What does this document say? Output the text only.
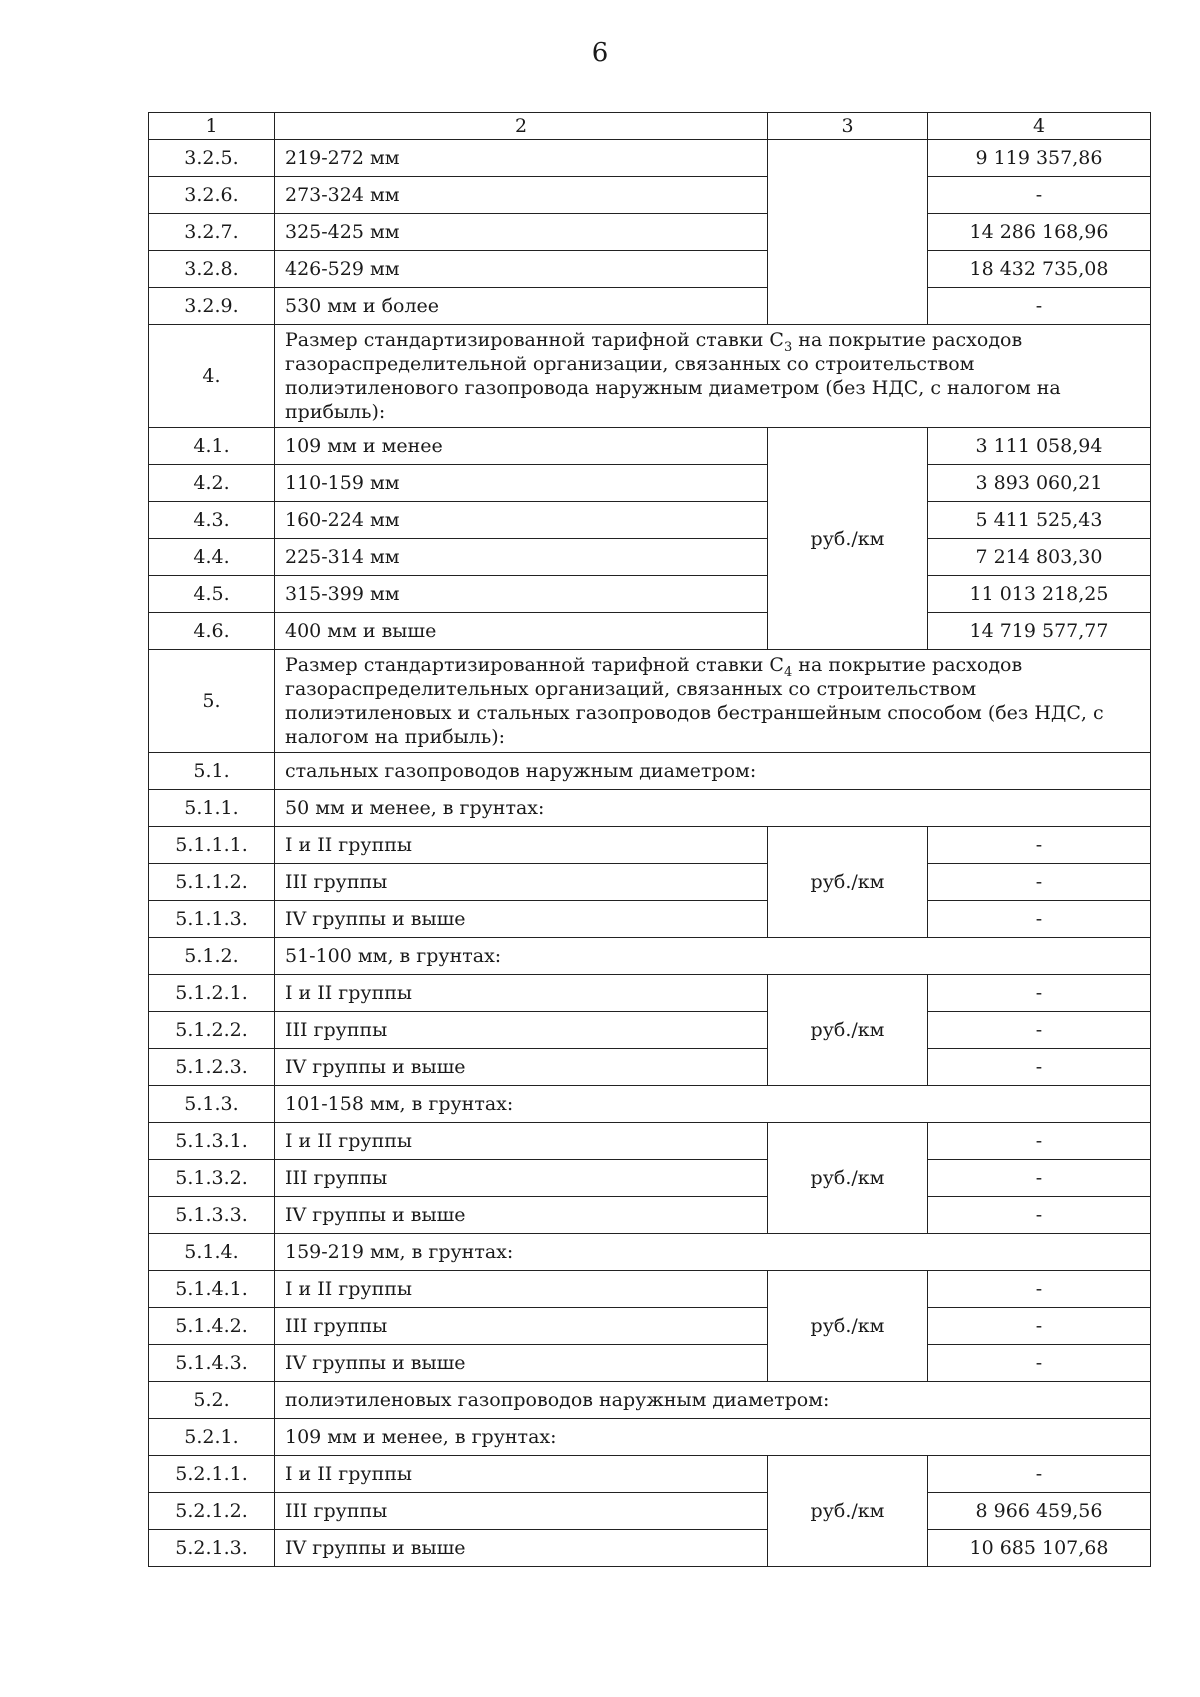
6
1	2	3	4
3.2.5.	219-272 мм		9 119 357,86
3.2.6.	273-324 мм		-
3.2.7.	325-425 мм		14 286 168,96
3.2.8.	426-529 мм		18 432 735,08
3.2.9.	530 мм и более		-
4.	Размер стандартизированной тарифной ставки $С_3$ на покрытие расходов газораспределительной организации, связанных со строительством полиэтиленового газопровода наружным диаметром (без НДС, с налогом на прибыль):		
4.1.	109 мм и менее	руб./км	3 111 058,94
4.2.	110-159 мм		3 893 060,21
4.3.	160-224 мм		5 411 525,43
4.4.	225-314 мм		7 214 803,30
4.5.	315-399 мм		11 013 218,25
4.6.	400 мм и выше		14 719 577,77
5.	Размер стандартизированной тарифной ставки $С_4$ на покрытие расходов газораспределительных организаций, связанных со строительством полиэтиленовых и стальных газопроводов бестраншейным способом (без НДС, с налогом на прибыль):		
5.1.	стальных газопроводов наружным диаметром:		
5.1.1.	50 мм и менее, в грунтах:		
5.1.1.1.	I и II группы	руб./км	-
5.1.1.2.	III группы		-
5.1.1.3.	IV группы и выше		-
5.1.2.	51-100 мм, в грунтах:		
5.1.2.1.	I и II группы	руб./км	-
5.1.2.2.	III группы		-
5.1.2.3.	IV группы и выше		-
5.1.3.	101-158 мм, в грунтах:		
5.1.3.1.	I и II группы	руб./км	-
5.1.3.2.	III группы		-
5.1.3.3.	IV группы и выше		-
5.1.4.	159-219 мм, в грунтах:		
5.1.4.1.	I и II группы	руб./км	-
5.1.4.2.	III группы		-
5.1.4.3.	IV группы и выше		-
5.2.	полиэтиленовых газопроводов наружным диаметром:		
5.2.1.	109 мм и менее, в грунтах:		
5.2.1.1.	I и II группы	руб./км	-
5.2.1.2.	III группы		8 966 459,56
5.2.1.3.	IV группы и выше		10 685 107,68
